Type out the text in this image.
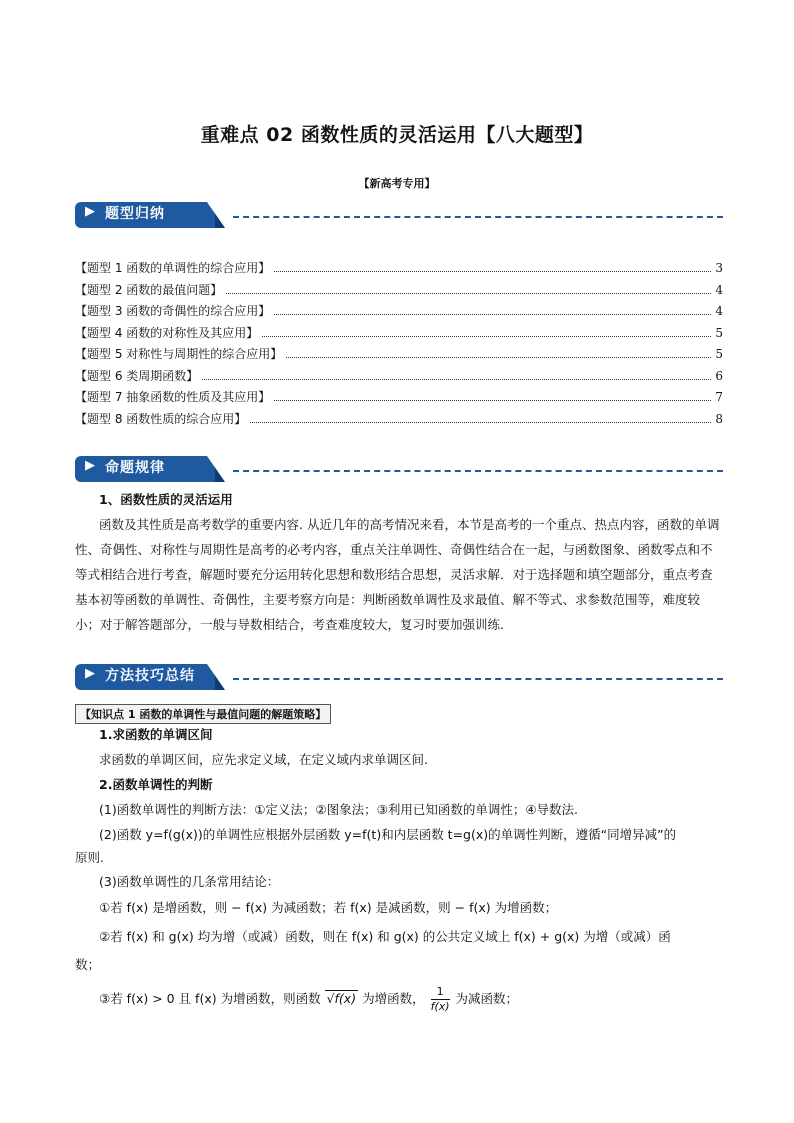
重难点 02 函数性质的灵活运用【八大题型】
【新高考专用】
▶ 题型归纳
【题型 1 函数的单调性的综合应用】	3
【题型 2 函数的最值问题】	4
【题型 3 函数的奇偶性的综合应用】	4
【题型 4 函数的对称性及其应用】	5
【题型 5 对称性与周期性的综合应用】	5
【题型 6 类周期函数】	6
【题型 7 抽象函数的性质及其应用】	7
【题型 8 函数性质的综合应用】	8
▶ 命题规律
1、函数性质的灵活运用
函数及其性质是高考数学的重要内容. 从近几年的高考情况来看，本节是高考的一个重点、热点内容，函数的单调性、奇偶性、对称性与周期性是高考的必考内容，重点关注单调性、奇偶性结合在一起，与函数图象、函数零点和不等式相结合进行考查，解题时要充分运用转化思想和数形结合思想，灵活求解．对于选择题和填空题部分，重点考查基本初等函数的单调性、奇偶性，主要考察方向是：判断函数单调性及求最值、解不等式、求参数范围等，难度较小；对于解答题部分，一般与导数相结合，考查难度较大，复习时要加强训练.
▶ 方法技巧总结
【知识点 1 函数的单调性与最值问题的解题策略】
1.求函数的单调区间
求函数的单调区间，应先求定义域，在定义域内求单调区间.
2.函数单调性的判断
(1)函数单调性的判断方法：①定义法；②图象法；③利用已知函数的单调性；④导数法.
(2)函数 y=f(g(x))的单调性应根据外层函数 y=f(t)和内层函数 t=g(x)的单调性判断，遵循“同增异减”的
原则.
(3)函数单调性的几条常用结论：
①若 f(x) 是增函数，则 − f(x) 为减函数；若 f(x) 是减函数，则 − f(x) 为增函数；
②若 f(x) 和 g(x) 均为增（或减）函数，则在 f(x) 和 g(x) 的公共定义域上 f(x) + g(x) 为增（或减）函
数；
③若 f(x) > 0 且 f(x) 为增函数，则函数 √f(x) 为增函数， $\frac{1}{f(x)}$ 为减函数；
